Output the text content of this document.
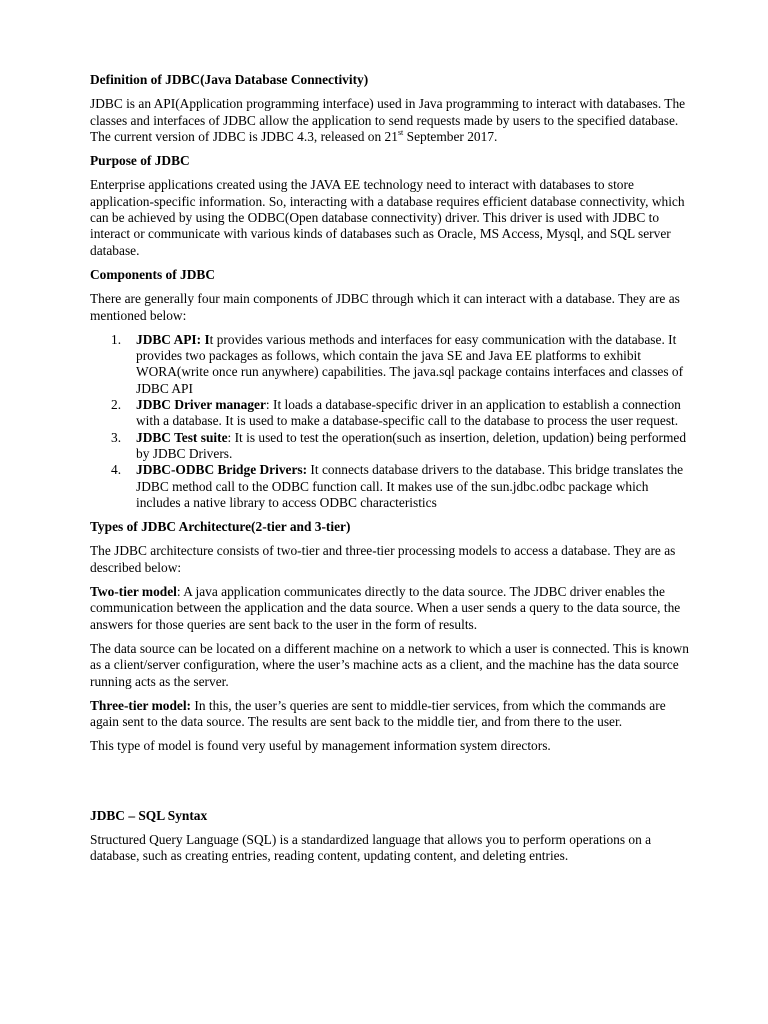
Definition of JDBC(Java Database Connectivity)

JDBC is an API(Application programming interface) used in Java programming to interact with databases. The classes and interfaces of JDBC allow the application to send requests made by users to the specified database. The current version of JDBC is JDBC 4.3, released on 21st September 2017.

Purpose of JDBC

Enterprise applications created using the JAVA EE technology need to interact with databases to store application-specific information. So, interacting with a database requires efficient database connectivity, which can be achieved by using the ODBC(Open database connectivity) driver. This driver is used with JDBC to interact or communicate with various kinds of databases such as Oracle, MS Access, Mysql, and SQL server database.

Components of JDBC

There are generally four main components of JDBC through which it can interact with a database. They are as mentioned below:

1. JDBC API: It provides various methods and interfaces for easy communication with the database. It provides two packages as follows, which contain the java SE and Java EE platforms to exhibit WORA(write once run anywhere) capabilities. The java.sql package contains interfaces and classes of JDBC API
2. JDBC Driver manager: It loads a database-specific driver in an application to establish a connection with a database. It is used to make a database-specific call to the database to process the user request.
3. JDBC Test suite: It is used to test the operation(such as insertion, deletion, updation) being performed by JDBC Drivers.
4. JDBC-ODBC Bridge Drivers: It connects database drivers to the database. This bridge translates the JDBC method call to the ODBC function call. It makes use of the sun.jdbc.odbc package which includes a native library to access ODBC characteristics
Types of JDBC Architecture(2-tier and 3-tier)

The JDBC architecture consists of two-tier and three-tier processing models to access a database. They are as described below:

Two-tier model: A java application communicates directly to the data source. The JDBC driver enables the communication between the application and the data source. When a user sends a query to the data source, the answers for those queries are sent back to the user in the form of results.

The data source can be located on a different machine on a network to which a user is connected. This is known as a client/server configuration, where the user’s machine acts as a client, and the machine has the data source running acts as the server.

Three-tier model: In this, the user’s queries are sent to middle-tier services, from which the commands are again sent to the data source. The results are sent back to the middle tier, and from there to the user.

This type of model is found very useful by management information system directors.

JDBC – SQL Syntax

Structured Query Language (SQL) is a standardized language that allows you to perform operations on a database, such as creating entries, reading content, updating content, and deleting entries.
